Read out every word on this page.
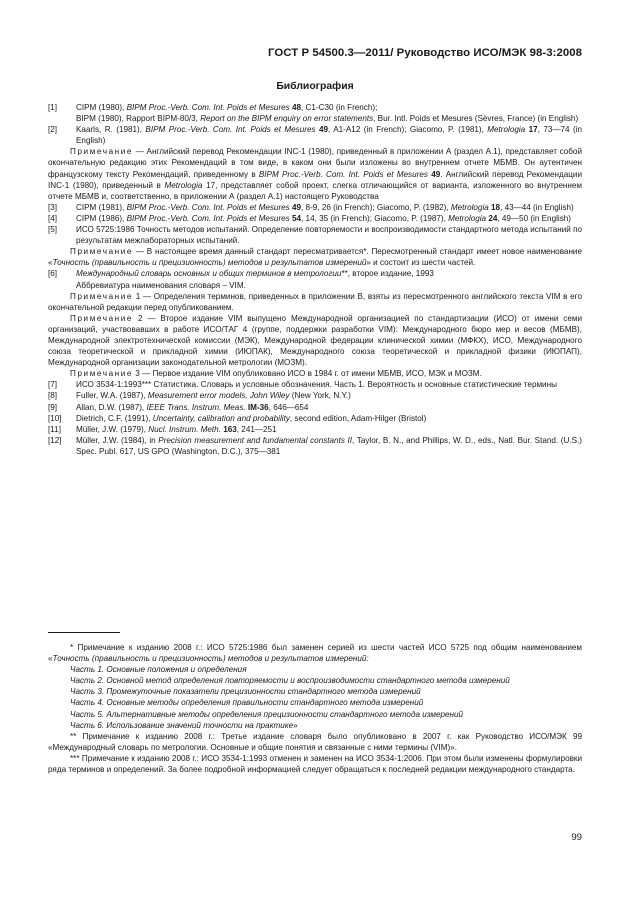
ГОСТ Р 54500.3—2011/ Руководство ИСО/МЭК 98-3:2008
Библиография
[1] CIPM (1980), BIPM Proc.-Verb. Com. Int. Poids et Mesures 48, C1-C30 (in French);
BIPM (1980), Rapport BIPM-80/3, Report on the BIPM enquiry on error statements, Bur. Intl. Poids et Mesures (Sèvres, France) (in English)
[2] Kaarls, R. (1981), BIPM Proc.-Verb. Com. Int. Poids et Mesures 49, A1-A12 (in French); Giacomo, P. (1981), Metrologia 17, 73—74 (in English)
Примечание — Английский перевод Рекомендации INC-1 (1980), приведенный в приложении А (раздел А.1), представляет собой окончательную редакцию этих Рекомендаций в том виде, в каком они были изложены во внутреннем отчете МБМВ. Он аутентичен французскому тексту Рекомендаций, приведенному в BIPM Proc.-Verb. Com. Int. Poids et Mesures 49. Английский перевод Рекомендации INC-1 (1980), приведенный в Metrologia 17, представляет собой проект, слегка отличающийся от варианта, изложенного во внутреннем отчете МБМВ и, соответственно, в приложении А (раздел А.1) настоящего Руководства
[3] CIPM (1981), BIPM Proc.-Verb. Com. Int. Poids et Mesures 49, 8-9, 26 (in French); Giacomo, P. (1982), Metrologia 18, 43—44 (in English)
[4] CIPM (1986), BIPM Proc.-Verb. Com. Int. Poids et Mesures 54, 14, 35 (in French); Giacomo, P. (1987), Metrologia 24, 49—50 (in English)
[5] ИСО 5725:1986 Точность методов испытаний. Определение повторяемости и воспроизводимости стандартного метода испытаний по результатам межлабораторных испытаний.
Примечание — В настоящее время данный стандарт пересматривается*. Пересмотренный стандарт имеет новое наименование «Точность (правильность и прецизионность) методов и результатов измерений» и состоит из шести частей.
[6] Международный словарь основных и общих терминов в метрологии**, второе издание, 1993
Аббревиатура наименования словаря – VIM.
Примечание 1 — Определения терминов, приведенных в приложении В, взяты из пересмотренного английского текста VIM в его окончательной редакции перед опубликованием.
Примечание 2 — Второе издание VIM выпущено Международной организацией по стандартизации (ИСО) от имени семи организаций, участвовавших в работе ИСО/ТАГ 4 (группе, поддержки разработки VIM): Международного бюро мер и весов (МБМВ), Международной электротехнической комиссии (МЭК), Международной федерации клинической химии (МФКХ), ИСО, Международного союза теоретической и прикладной химии (ИЮПАК), Международного союза теоретической и прикладной физики (ИЮПАП), Международной организации законодательной метрологии (МОЗМ).
Примечание 3 — Первое издание VIM опубликовано ИСО в 1984 г. от имени МБМВ, ИСО, МЭК и МОЗМ.
[7] ИСО 3534-1:1993*** Статистика. Словарь и условные обозначения. Часть 1. Вероятность и основные статистические термины
[8] Fuller, W.A. (1987), Measurement error models, John Wiley (New York, N.Y.)
[9] Allan, D.W. (1987), IEEE Trans. Instrum. Meas. IM-36, 646—654
[10] Dietrich, C.F. (1991), Uncertainty, calibration and probability, second edition, Adam-Hilger (Bristol)
[11] Müller, J.W. (1979), Nucl. Instrum. Meth. 163, 241—251
[12] Müller, J.W. (1984), in Precision measurement and fundamental constants II, Taylor, B. N., and Phillips, W. D., eds., Natl. Bur. Stand. (U.S.) Spec. Publ. 617, US GPO (Washington, D.C.), 375—381
* Примечание к изданию 2008 г.: ИСО 5725:1986 был заменен серией из шести частей ИСО 5725 под общим наименованием «Точность (правильность и прецизионность) методов и результатов измерений:
Часть 1. Основные положения и определения
Часть 2. Основной метод определения повторяемости и воспроизводимости стандартного метода измерений
Часть 3. Промежуточные показатели прецизионности стандартного метода измерений
Часть 4. Основные методы определения правильности стандартного метода измерений
Часть 5. Альтернативные методы определения прецизионности стандартного метода измерений
Часть 6. Использование значений точности на практике»
** Примечание к изданию 2008 г.: Третье издание словаря было опубликовано в 2007 г. как Руководство ИСО/МЭК 99 «Международный словарь по метрологии. Основные и общие понятия и связанные с ними термины (VIM)».
*** Примечание к изданию 2008 г.: ИСО 3534-1:1993 отменен и заменен на ИСО 3534-1:2006. При этом были изменены формулировки ряда терминов и определений. За более подробной информацией следует обращаться к последней редакции международного стандарта.
99
